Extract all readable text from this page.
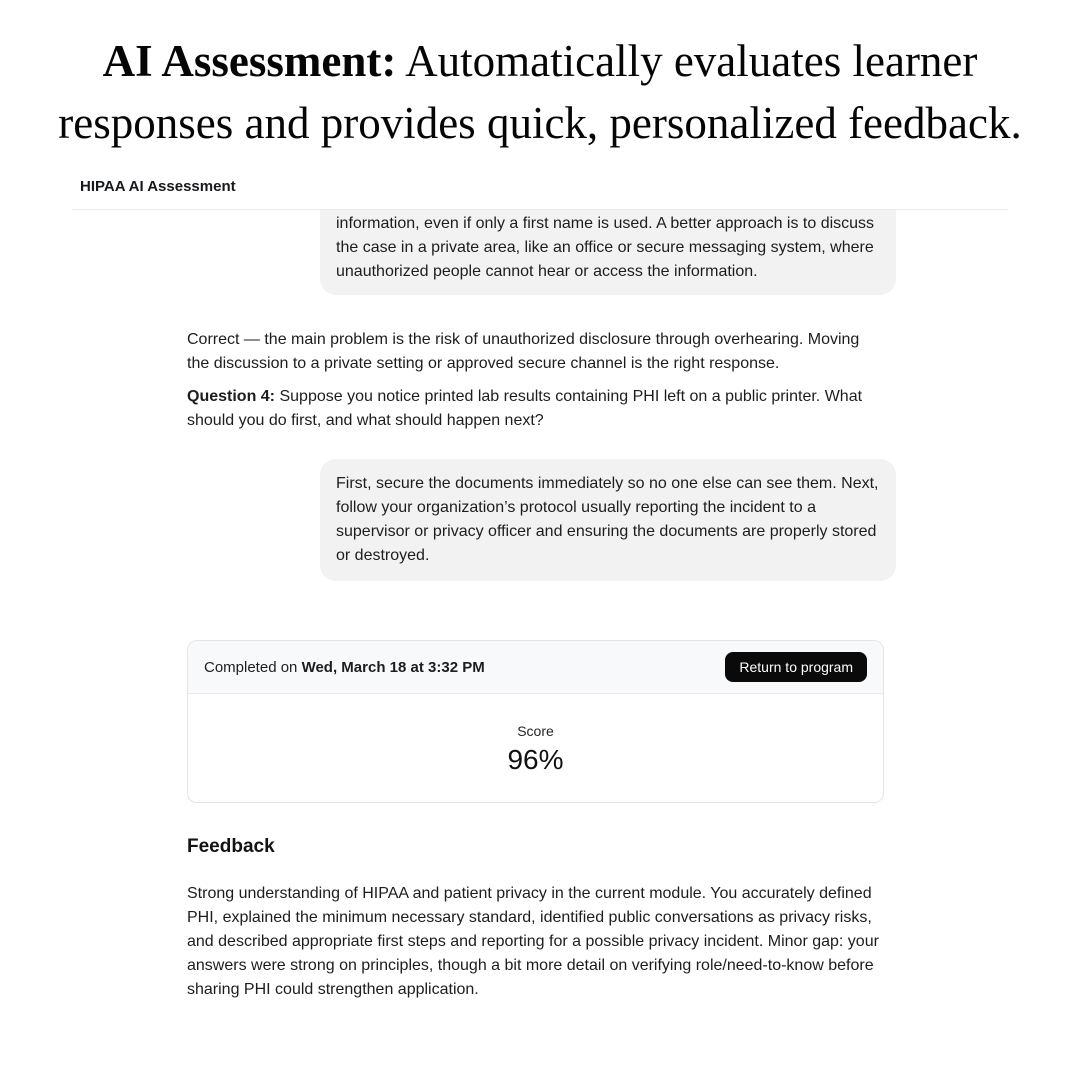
AI Assessment: Automatically evaluates learner responses and provides quick, personalized feedback.
HIPAA AI Assessment
information, even if only a first name is used. A better approach is to discuss the case in a private area, like an office or secure messaging system, where unauthorized people cannot hear or access the information.

Correct — the main problem is the risk of unauthorized disclosure through overhearing. Moving the discussion to a private setting or approved secure channel is the right response.

Question 4: Suppose you notice printed lab results containing PHI left on a public printer. What should you do first, and what should happen next?

First, secure the documents immediately so no one else can see them. Next, follow your organization’s protocol usually reporting the incident to a supervisor or privacy officer and ensuring the documents are properly stored or destroyed.
Completed on Wed, March 18 at 3:32 PM	Return to program
Score
96%
Feedback

Strong understanding of HIPAA and patient privacy in the current module. You accurately defined PHI, explained the minimum necessary standard, identified public conversations as privacy risks, and described appropriate first steps and reporting for a possible privacy incident. Minor gap: your answers were strong on principles, though a bit more detail on verifying role/need-to-know before sharing PHI could strengthen application.
